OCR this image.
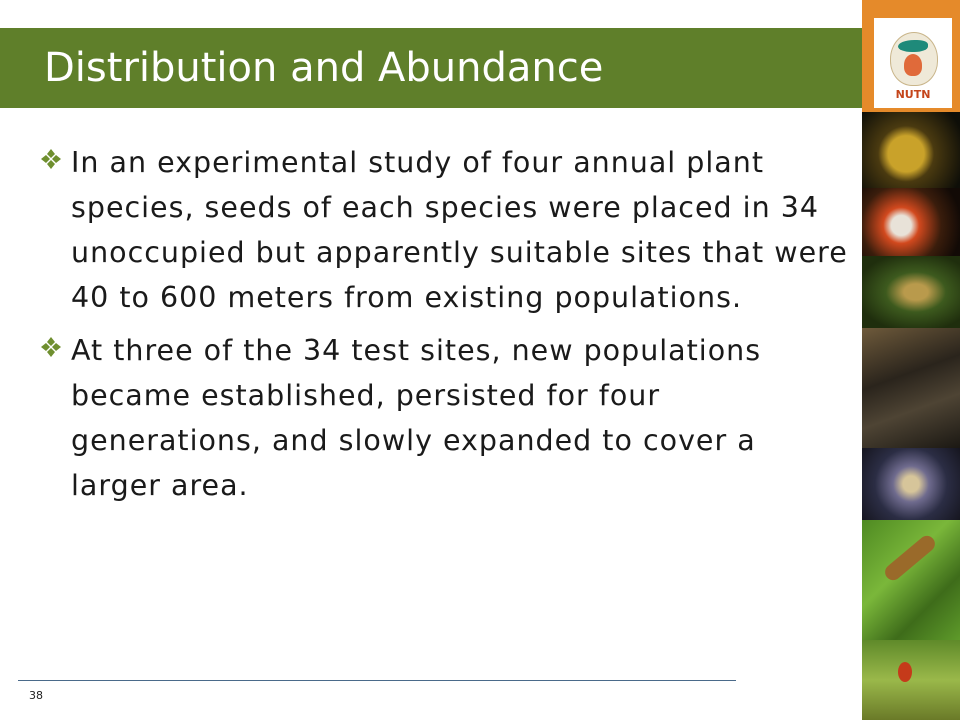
Distribution and Abundance
NUTN
In an experimental study of four annual plant species, seeds of each species were placed in 34 unoccupied but apparently suitable sites that were 40 to 600 meters from existing populations.
At three of the 34 test sites, new populations became established, persisted for four generations, and slowly expanded to cover a larger area.
38
